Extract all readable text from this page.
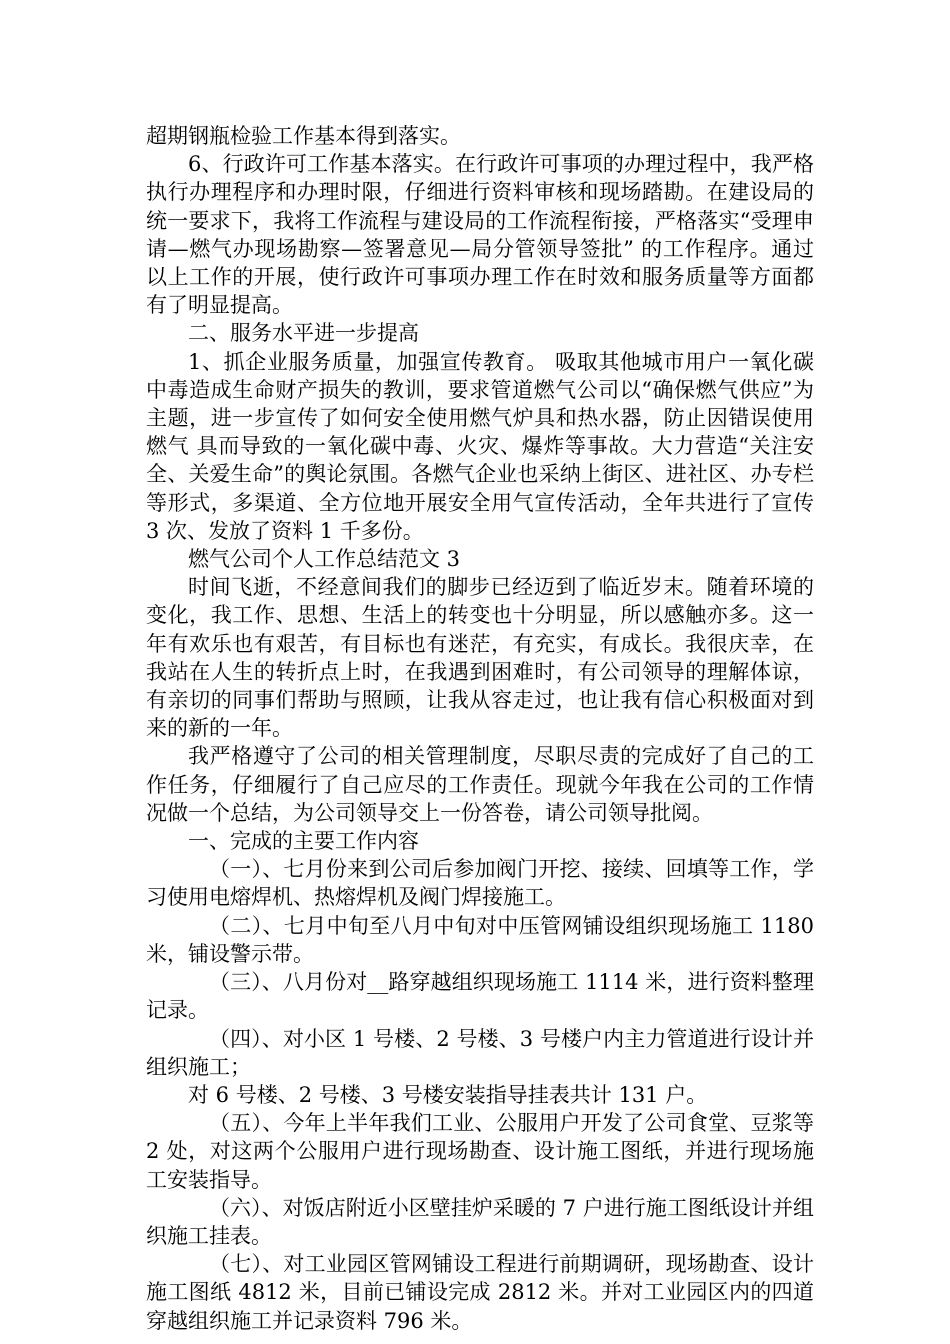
超期钢瓶检验工作基本得到落实。

6、行政许可工作基本落实。在行政许可事项的办理过程中，我严格执行办理程序和办理时限，仔细进行资料审核和现场踏勘。在建设局的统一要求下，我将工作流程与建设局的工作流程衔接，严格落实“受理申请—燃气办现场勘察—签署意见—局分管领导签批” 的工作程序。通过以上工作的开展，使行政许可事项办理工作在时效和服务质量等方面都有了明显提高。

二、服务水平进一步提高

1、抓企业服务质量，加强宣传教育。 吸取其他城市用户一氧化碳中毒造成生命财产损失的教训，要求管道燃气公司以“确保燃气供应”为主题，进一步宣传了如何安全使用燃气炉具和热水器，防止因错误使用燃气 具而导致的一氧化碳中毒、火灾、爆炸等事故。大力营造“关注安全、关爱生命”的舆论氛围。各燃气企业也采纳上街区、进社区、办专栏等形式，多渠道、全方位地开展安全用气宣传活动，全年共进行了宣传 3 次、发放了资料 1 千多份。

燃气公司个人工作总结范文 3

时间飞逝，不经意间我们的脚步已经迈到了临近岁末。随着环境的变化，我工作、思想、生活上的转变也十分明显，所以感触亦多。这一年有欢乐也有艰苦，有目标也有迷茫，有充实，有成长。我很庆幸，在我站在人生的转折点上时，在我遇到困难时，有公司领导的理解体谅，有亲切的同事们帮助与照顾，让我从容走过，也让我有信心积极面对到来的新的一年。

我严格遵守了公司的相关管理制度，尽职尽责的完成好了自己的工作任务，仔细履行了自己应尽的工作责任。现就今年我在公司的工作情况做一个总结，为公司领导交上一份答卷，请公司领导批阅。

一、完成的主要工作内容

（一）、七月份来到公司后参加阀门开挖、接续、回填等工作，学习使用电熔焊机、热熔焊机及阀门焊接施工。

（二）、七月中旬至八月中旬对中压管网铺设组织现场施工 1180 米，铺设警示带。

（三）、八月份对__路穿越组织现场施工 1114 米，进行资料整理记录。

（四）、对小区 1 号楼、2 号楼、3 号楼户内主力管道进行设计并组织施工；

对 6 号楼、2 号楼、3 号楼安装指导挂表共计 131 户。

（五）、今年上半年我们工业、公服用户开发了公司食堂、豆浆等 2 处，对这两个公服用户进行现场勘查、设计施工图纸，并进行现场施工安装指导。

（六）、对饭店附近小区壁挂炉采暖的 7 户进行施工图纸设计并组织施工挂表。

（七）、对工业园区管网铺设工程进行前期调研，现场勘查、设计施工图纸 4812 米，目前已铺设完成 2812 米。并对工业园区内的四道穿越组织施工并记录资料 796 米。
